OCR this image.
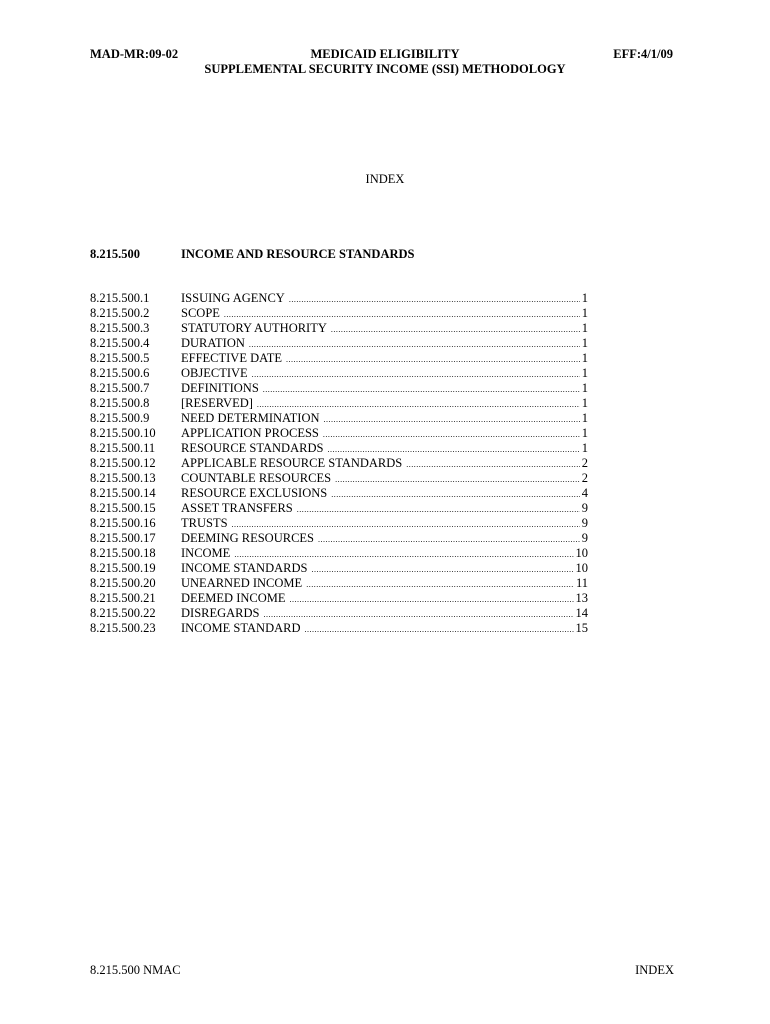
MAD-MR:09-02	MEDICAID ELIGIBILITY
SUPPLEMENTAL SECURITY INCOME (SSI) METHODOLOGY
EFF:4/1/09
INDEX
8.215.500	INCOME AND RESOURCE STANDARDS
8.215.500.1	ISSUING AGENCY .....	1
8.215.500.2	SCOPE .....	1
8.215.500.3	STATUTORY AUTHORITY .....	1
8.215.500.4	DURATION .....	1
8.215.500.5	EFFECTIVE DATE .....	1
8.215.500.6	OBJECTIVE .....	1
8.215.500.7	DEFINITIONS .....	1
8.215.500.8	[RESERVED] .....	1
8.215.500.9	NEED DETERMINATION .....	1
8.215.500.10	APPLICATION PROCESS .....	1
8.215.500.11	RESOURCE STANDARDS .....	1
8.215.500.12	APPLICABLE RESOURCE STANDARDS .....	2
8.215.500.13	COUNTABLE RESOURCES .....	2
8.215.500.14	RESOURCE EXCLUSIONS .....	4
8.215.500.15	ASSET TRANSFERS .....	9
8.215.500.16	TRUSTS .....	9
8.215.500.17	DEEMING RESOURCES .....	9
8.215.500.18	INCOME .....	10
8.215.500.19	INCOME STANDARDS .....	10
8.215.500.20	UNEARNED INCOME .....	11
8.215.500.21	DEEMED INCOME .....	13
8.215.500.22	DISREGARDS .....	14
8.215.500.23	INCOME STANDARD .....	15
8.215.500 NMAC	INDEX
